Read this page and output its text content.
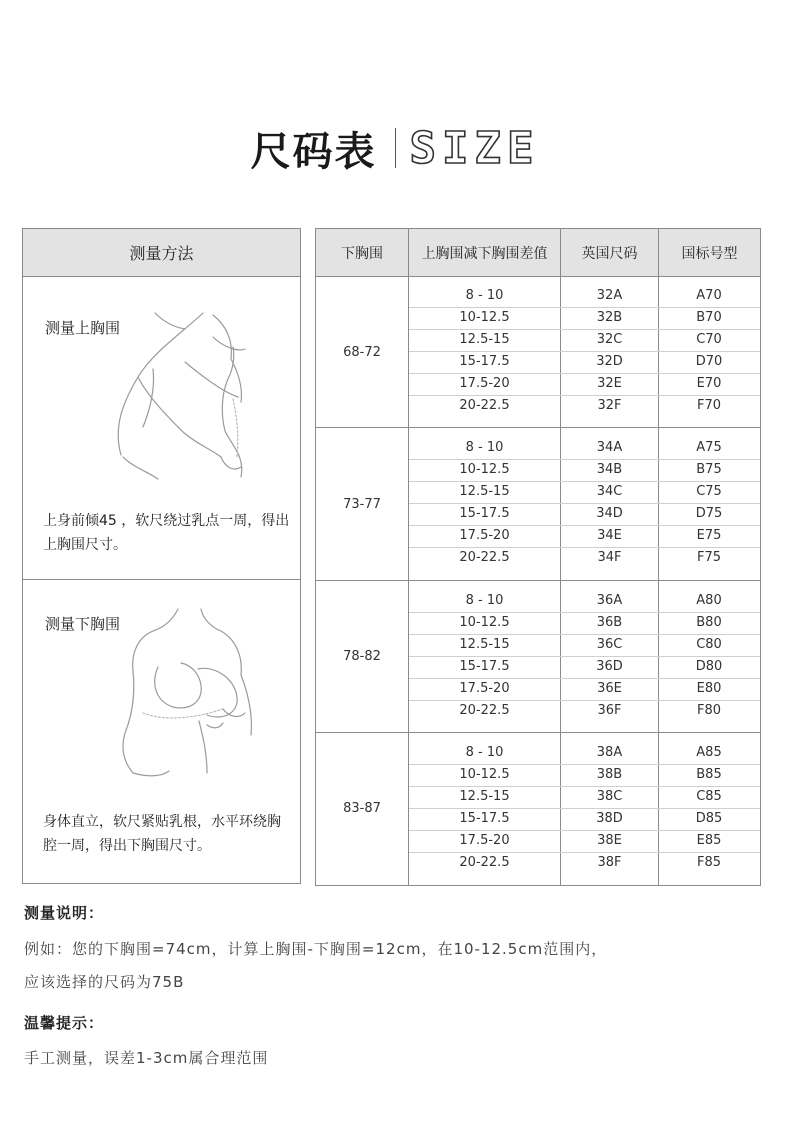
尺码表 SIZE
测量方法
测量上胸围
上身前倾45 ，软尺绕过乳点一周，得出上胸围尺寸。
测量下胸围
身体直立，软尺紧贴乳根，水平环绕胸腔一周，得出下胸围尺寸。
下胸围	上胸围减下胸围差值	英国尺码	国标号型
68-72
8 - 10	32A	A70
10-12.5	32B	B70
12.5-15	32C	C70
15-17.5	32D	D70
17.5-20	32E	E70
20-22.5	32F	F70
73-77
8 - 10	34A	A75
10-12.5	34B	B75
12.5-15	34C	C75
15-17.5	34D	D75
17.5-20	34E	E75
20-22.5	34F	F75
78-82
8 - 10	36A	A80
10-12.5	36B	B80
12.5-15	36C	C80
15-17.5	36D	D80
17.5-20	36E	E80
20-22.5	36F	F80
83-87
8 - 10	38A	A85
10-12.5	38B	B85
12.5-15	38C	C85
15-17.5	38D	D85
17.5-20	38E	E85
20-22.5	38F	F85
测量说明：
例如：您的下胸围=74cm，计算上胸围-下胸围=12cm，在10-12.5cm范围内，
应该选择的尺码为75B
温馨提示：
手工测量，误差1-3cm属合理范围
